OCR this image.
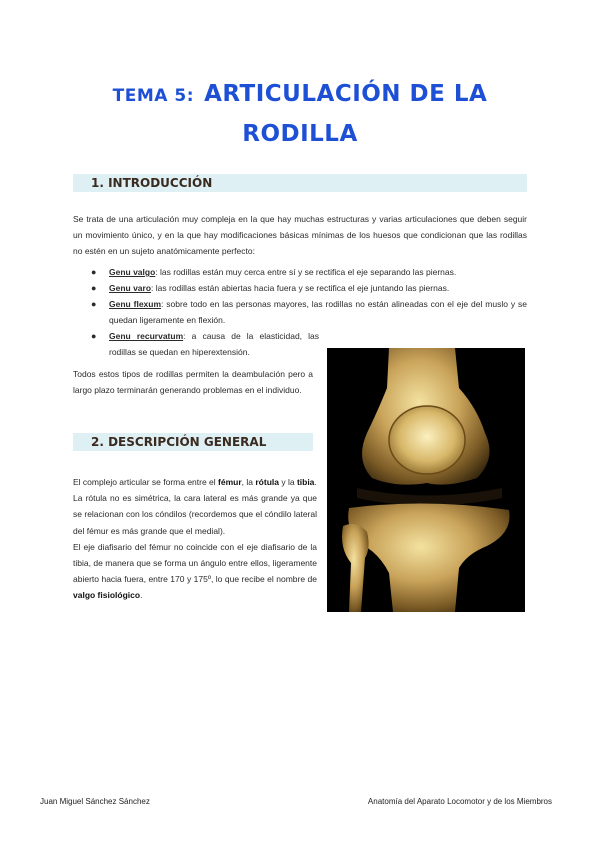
TEMA 5: ARTICULACIÓN DE LA
RODILLA
1. INTRODUCCIÓN
Se trata de una articulación muy compleja en la que hay muchas estructuras y varias articulaciones que deben seguir un movimiento único, y en la que hay modificaciones básicas mínimas de los huesos que condicionan que las rodillas no estén en un sujeto anatómicamente perfecto:
● Genu valgo: las rodillas están muy cerca entre sí y se rectifica el eje separando las piernas.
● Genu varo: las rodillas están abiertas hacia fuera y se rectifica el eje juntando las piernas.
● Genu flexum: sobre todo en las personas mayores, las rodillas no están alineadas con el eje del muslo y se quedan ligeramente en flexión.
● Genu recurvatum: a causa de la elasticidad, las rodillas se quedan en hiperextensión.
Todos estos tipos de rodillas permiten la deambulación pero a largo plazo terminarán generando problemas en el individuo.
2. DESCRIPCIÓN GENERAL
El complejo articular se forma entre el fémur, la rótula y la tibia.
La rótula no es simétrica, la cara lateral es más grande ya que se relacionan con los cóndilos (recordemos que el cóndilo lateral del fémur es más grande que el medial).
El eje diafisario del fémur no coincide con el eje diafisario de la tibia, de manera que se forma un ángulo entre ellos, ligeramente abierto hacia fuera, entre 170 y 175º, lo que recibe el nombre de valgo fisiológico.
Juan Miguel Sánchez Sánchez	Anatomía del Aparato Locomotor y de los Miembros
